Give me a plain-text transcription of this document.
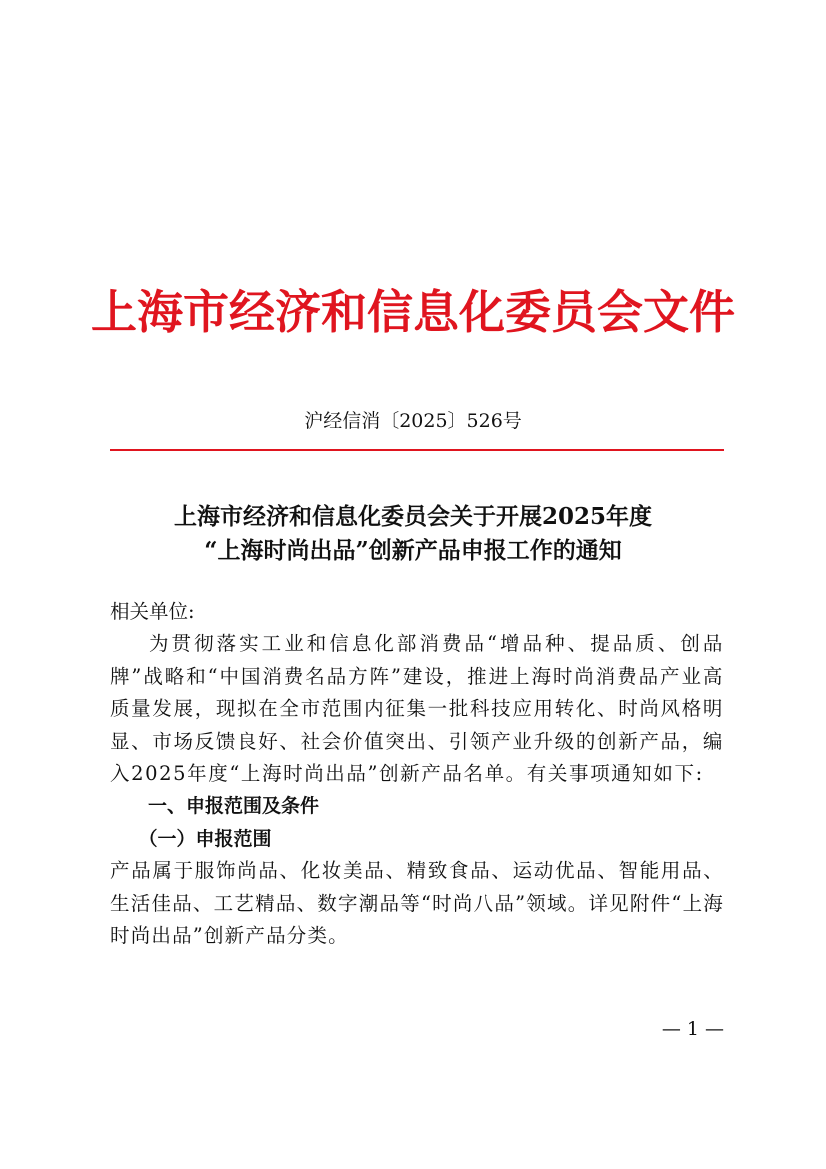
上海市经济和信息化委员会文件
沪经信消〔2025〕526号
上海市经济和信息化委员会关于开展2025年度
“上海时尚出品”创新产品申报工作的通知
相关单位:
为贯彻落实工业和信息化部消费品“增品种、提品质、创品牌”战略和“中国消费名品方阵”建设，推进上海时尚消费品产业高质量发展，现拟在全市范围内征集一批科技应用转化、时尚风格明显、市场反馈良好、社会价值突出、引领产业升级的创新产品，编入2025年度“上海时尚出品”创新产品名单。有关事项通知如下:
一、申报范围及条件
（一）申报范围
产品属于服饰尚品、化妆美品、精致食品、运动优品、智能用品、生活佳品、工艺精品、数字潮品等“时尚八品”领域。详见附件“上海时尚出品”创新产品分类。
— 1 —
